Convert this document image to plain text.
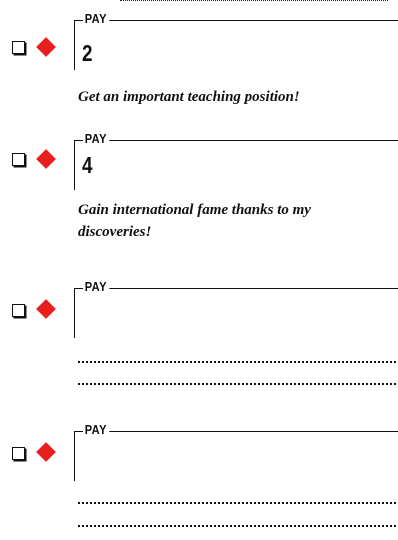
PAY
2
Get an important teaching position!
PAY
4
Gain international fame thanks to my discoveries!
PAY
PAY
